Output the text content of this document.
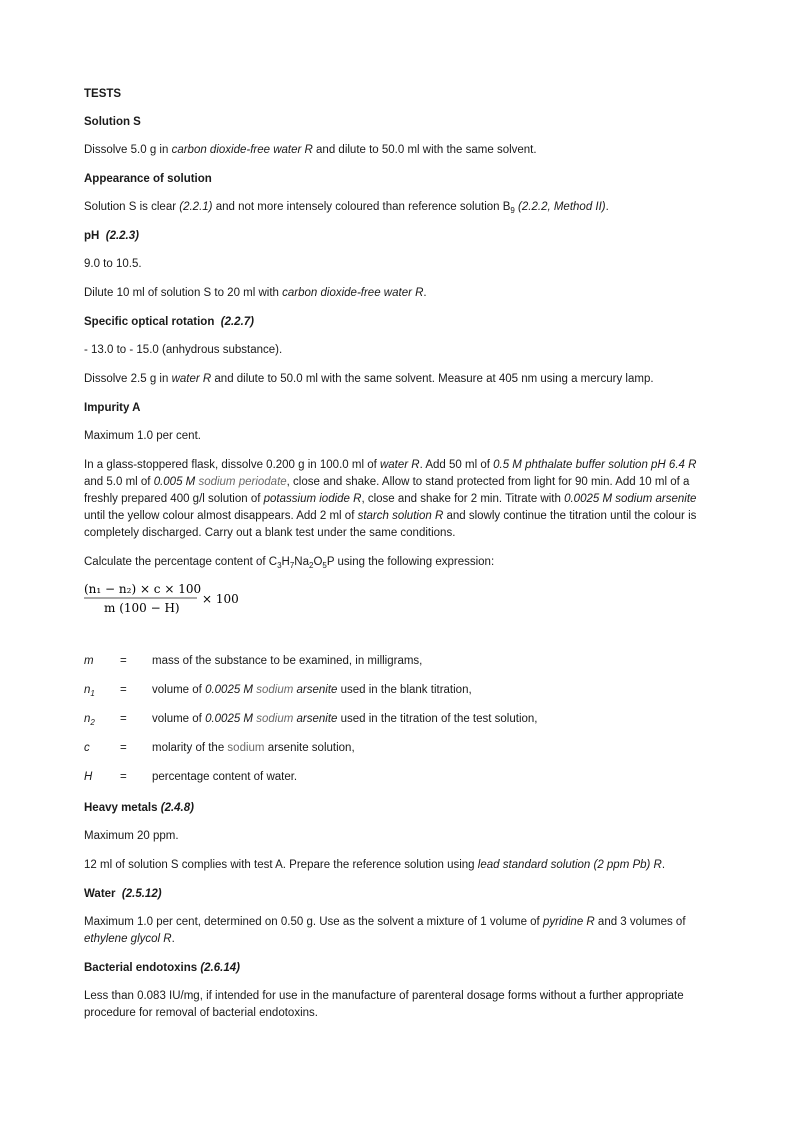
TESTS

Solution S

Dissolve 5.0 g in carbon dioxide-free water R and dilute to 50.0 ml with the same solvent.

Appearance of solution

Solution S is clear (2.2.1) and not more intensely coloured than reference solution $B_9$ (2.2.2, Method II).

pH (2.2.3)

9.0 to 10.5.

Dilute 10 ml of solution S to 20 ml with carbon dioxide-free water R.

Specific optical rotation (2.2.7)

- 13.0 to - 15.0 (anhydrous substance).

Dissolve 2.5 g in water R and dilute to 50.0 ml with the same solvent. Measure at 405 nm using a mercury lamp.

Impurity A

Maximum 1.0 per cent.

In a glass-stoppered flask, dissolve 0.200 g in 100.0 ml of water R. Add 50 ml of 0.5 M phthalate buffer solution pH 6.4 R and 5.0 ml of 0.005 M sodium periodate, close and shake. Allow to stand protected from light for 90 min. Add 10 ml of a freshly prepared 400 g/l solution of potassium iodide R, close and shake for 2 min. Titrate with 0.0025 M sodium arsenite until the yellow colour almost disappears. Add 2 ml of starch solution R and slowly continue the titration until the colour is completely discharged. Carry out a blank test under the same conditions.

Calculate the percentage content of $C_3H_7Na_2O_5P$ using the following expression:

(n₁ − n₂) × c × 100
m (100 − H)
× 100
m	=	mass of the substance to be examined, in milligrams,
$n_1$	=	volume of 0.0025 M sodium arsenite used in the blank titration,
$n_2$	=	volume of 0.0025 M sodium arsenite used in the titration of the test solution,
c	=	molarity of the sodium arsenite solution,
H	=	percentage content of water.

Heavy metals (2.4.8)

Maximum 20 ppm.

12 ml of solution S complies with test A. Prepare the reference solution using lead standard solution (2 ppm Pb) R.

Water (2.5.12)

Maximum 1.0 per cent, determined on 0.50 g. Use as the solvent a mixture of 1 volume of pyridine R and 3 volumes of ethylene glycol R.

Bacterial endotoxins (2.6.14)

Less than 0.083 IU/mg, if intended for use in the manufacture of parenteral dosage forms without a further appropriate procedure for removal of bacterial endotoxins.
